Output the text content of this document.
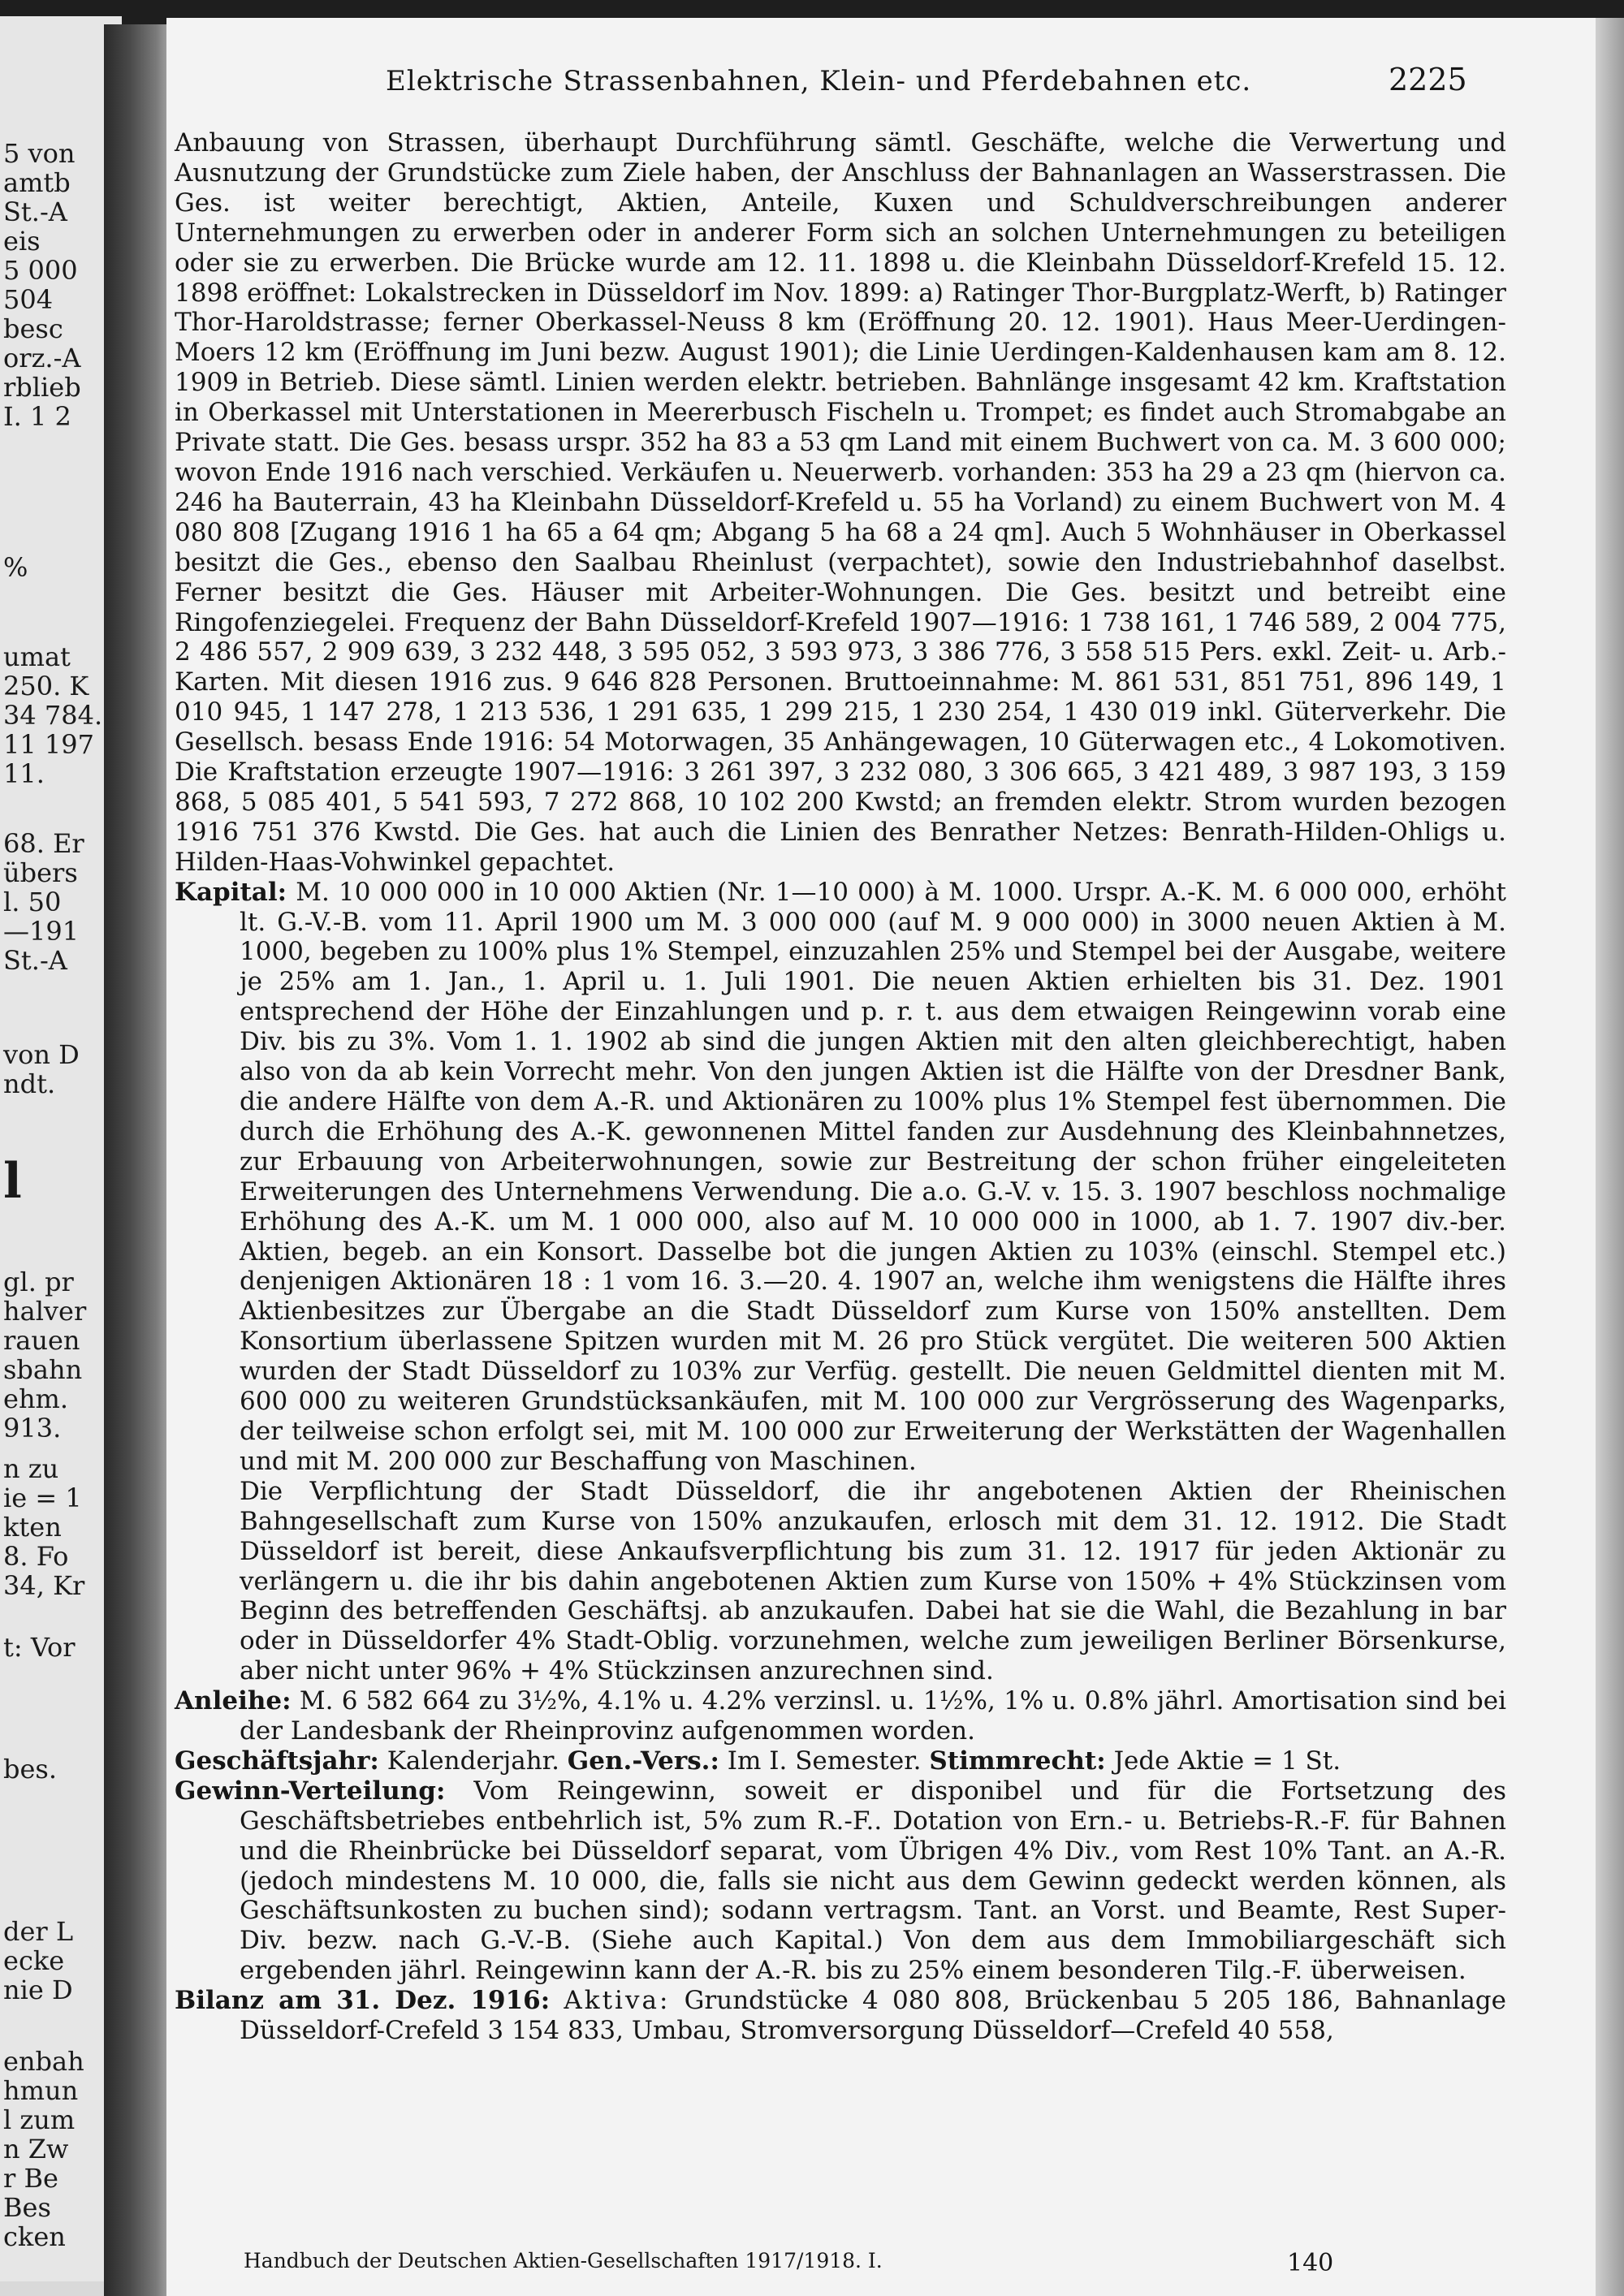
5 von
amtb
St.-A
eis
5 000
504
besc
orz.-A
rblieb
I. 1 2
%
umat
250. K
34 784.
11 197
11.
68. Er
übers
l. 50
—191
St.-A
von D
ndt.
l
gl. pr
halver
rauen
sbahn
ehm.
913.
n zu
ie = 1
kten
8. Fo
34, Kr
t: Vor
bes.
der L
ecke
nie D
enbah
hmun
l zum
n Zw
r Be
Bes
cken
Elektrische Strassenbahnen, Klein- und Pferdebahnen etc.	2225

Anbauung von Strassen, überhaupt Durchführung sämtl. Geschäfte, welche die Verwertung und Ausnutzung der Grundstücke zum Ziele haben, der Anschluss der Bahnanlagen an Wasserstrassen. Die Ges. ist weiter berechtigt, Aktien, Anteile, Kuxen und Schuldverschreibungen anderer Unternehmungen zu erwerben oder in anderer Form sich an solchen Unternehmungen zu beteiligen oder sie zu erwerben. Die Brücke wurde am 12. 11. 1898 u. die Kleinbahn Düsseldorf-Krefeld 15. 12. 1898 eröffnet: Lokalstrecken in Düsseldorf im Nov. 1899: a) Ratinger Thor-Burgplatz-Werft, b) Ratinger Thor-Haroldstrasse; ferner Oberkassel-Neuss 8 km (Eröffnung 20. 12. 1901). Haus Meer-Uerdingen-Moers 12 km (Eröffnung im Juni bezw. August 1901); die Linie Uerdingen-Kaldenhausen kam am 8. 12. 1909 in Betrieb. Diese sämtl. Linien werden elektr. betrieben. Bahnlänge insgesamt 42 km. Kraftstation in Oberkassel mit Unterstationen in Meererbusch Fischeln u. Trompet; es findet auch Stromabgabe an Private statt. Die Ges. besass urspr. 352 ha 83 a 53 qm Land mit einem Buchwert von ca. M. 3 600 000; wovon Ende 1916 nach verschied. Verkäufen u. Neuerwerb. vorhanden: 353 ha 29 a 23 qm (hiervon ca. 246 ha Bauterrain, 43 ha Kleinbahn Düsseldorf-Krefeld u. 55 ha Vorland) zu einem Buchwert von M. 4 080 808 [Zugang 1916 1 ha 65 a 64 qm; Abgang 5 ha 68 a 24 qm]. Auch 5 Wohnhäuser in Oberkassel besitzt die Ges., ebenso den Saalbau Rheinlust (verpachtet), sowie den Industriebahnhof daselbst. Ferner besitzt die Ges. Häuser mit Arbeiter-Wohnungen. Die Ges. besitzt und betreibt eine Ringofenziegelei. Frequenz der Bahn Düsseldorf-Krefeld 1907—1916: 1 738 161, 1 746 589, 2 004 775, 2 486 557, 2 909 639, 3 232 448, 3 595 052, 3 593 973, 3 386 776, 3 558 515 Pers. exkl. Zeit- u. Arb.-Karten. Mit diesen 1916 zus. 9 646 828 Personen. Bruttoeinnahme: M. 861 531, 851 751, 896 149, 1 010 945, 1 147 278, 1 213 536, 1 291 635, 1 299 215, 1 230 254, 1 430 019 inkl. Güterverkehr. Die Gesellsch. besass Ende 1916: 54 Motorwagen, 35 Anhängewagen, 10 Güterwagen etc., 4 Lokomotiven. Die Kraftstation erzeugte 1907—1916: 3 261 397, 3 232 080, 3 306 665, 3 421 489, 3 987 193, 3 159 868, 5 085 401, 5 541 593, 7 272 868, 10 102 200 Kwstd; an fremden elektr. Strom wurden bezogen 1916 751 376 Kwstd. Die Ges. hat auch die Linien des Benrather Netzes: Benrath-Hilden-Ohligs u. Hilden-Haas-Vohwinkel gepachtet.

Kapital: M. 10 000 000 in 10 000 Aktien (Nr. 1—10 000) à M. 1000. Urspr. A.-K. M. 6 000 000, erhöht lt. G.-V.-B. vom 11. April 1900 um M. 3 000 000 (auf M. 9 000 000) in 3000 neuen Aktien à M. 1000, begeben zu 100% plus 1% Stempel, einzuzahlen 25% und Stempel bei der Ausgabe, weitere je 25% am 1. Jan., 1. April u. 1. Juli 1901. Die neuen Aktien erhielten bis 31. Dez. 1901 entsprechend der Höhe der Einzahlungen und p. r. t. aus dem etwaigen Reingewinn vorab eine Div. bis zu 3%. Vom 1. 1. 1902 ab sind die jungen Aktien mit den alten gleichberechtigt, haben also von da ab kein Vorrecht mehr. Von den jungen Aktien ist die Hälfte von der Dresdner Bank, die andere Hälfte von dem A.-R. und Aktionären zu 100% plus 1% Stempel fest übernommen. Die durch die Erhöhung des A.-K. gewonnenen Mittel fanden zur Ausdehnung des Kleinbahnnetzes, zur Erbauung von Arbeiterwohnungen, sowie zur Bestreitung der schon früher eingeleiteten Erweiterungen des Unternehmens Verwendung. Die a.o. G.-V. v. 15. 3. 1907 beschloss nochmalige Erhöhung des A.-K. um M. 1 000 000, also auf M. 10 000 000 in 1000, ab 1. 7. 1907 div.-ber. Aktien, begeb. an ein Konsort. Dasselbe bot die jungen Aktien zu 103% (einschl. Stempel etc.) denjenigen Aktionären 18 : 1 vom 16. 3.—20. 4. 1907 an, welche ihm wenigstens die Hälfte ihres Aktienbesitzes zur Übergabe an die Stadt Düsseldorf zum Kurse von 150% anstellten. Dem Konsortium überlassene Spitzen wurden mit M. 26 pro Stück vergütet. Die weiteren 500 Aktien wurden der Stadt Düsseldorf zu 103% zur Verfüg. gestellt. Die neuen Geldmittel dienten mit M. 600 000 zu weiteren Grundstücksankäufen, mit M. 100 000 zur Vergrösserung des Wagenparks, der teilweise schon erfolgt sei, mit M. 100 000 zur Erweiterung der Werkstätten der Wagenhallen und mit M. 200 000 zur Beschaffung von Maschinen.

Die Verpflichtung der Stadt Düsseldorf, die ihr angebotenen Aktien der Rheinischen Bahngesellschaft zum Kurse von 150% anzukaufen, erlosch mit dem 31. 12. 1912. Die Stadt Düsseldorf ist bereit, diese Ankaufsverpflichtung bis zum 31. 12. 1917 für jeden Aktionär zu verlängern u. die ihr bis dahin angebotenen Aktien zum Kurse von 150% + 4% Stückzinsen vom Beginn des betreffenden Geschäftsj. ab anzukaufen. Dabei hat sie die Wahl, die Bezahlung in bar oder in Düsseldorfer 4% Stadt-Oblig. vorzunehmen, welche zum jeweiligen Berliner Börsenkurse, aber nicht unter 96% + 4% Stückzinsen anzurechnen sind.

Anleihe: M. 6 582 664 zu 3½%, 4.1% u. 4.2% verzinsl. u. 1½%, 1% u. 0.8% jährl. Amortisation sind bei der Landesbank der Rheinprovinz aufgenommen worden.

Geschäftsjahr: Kalenderjahr. Gen.-Vers.: Im I. Semester. Stimmrecht: Jede Aktie = 1 St.

Gewinn-Verteilung: Vom Reingewinn, soweit er disponibel und für die Fortsetzung des Geschäftsbetriebes entbehrlich ist, 5% zum R.-F.. Dotation von Ern.- u. Betriebs-R.-F. für Bahnen und die Rheinbrücke bei Düsseldorf separat, vom Übrigen 4% Div., vom Rest 10% Tant. an A.-R. (jedoch mindestens M. 10 000, die, falls sie nicht aus dem Gewinn gedeckt werden können, als Geschäftsunkosten zu buchen sind); sodann vertragsm. Tant. an Vorst. und Beamte, Rest Super-Div. bezw. nach G.-V.-B. (Siehe auch Kapital.) Von dem aus dem Immobiliargeschäft sich ergebenden jährl. Reingewinn kann der A.-R. bis zu 25% einem besonderen Tilg.-F. überweisen.

Bilanz am 31. Dez. 1916: Aktiva: Grundstücke 4 080 808, Brückenbau 5 205 186, Bahnanlage Düsseldorf-Crefeld 3 154 833, Umbau, Stromversorgung Düsseldorf—Crefeld 40 558,

Handbuch der Deutschen Aktien-Gesellschaften 1917/1918. I.	140
